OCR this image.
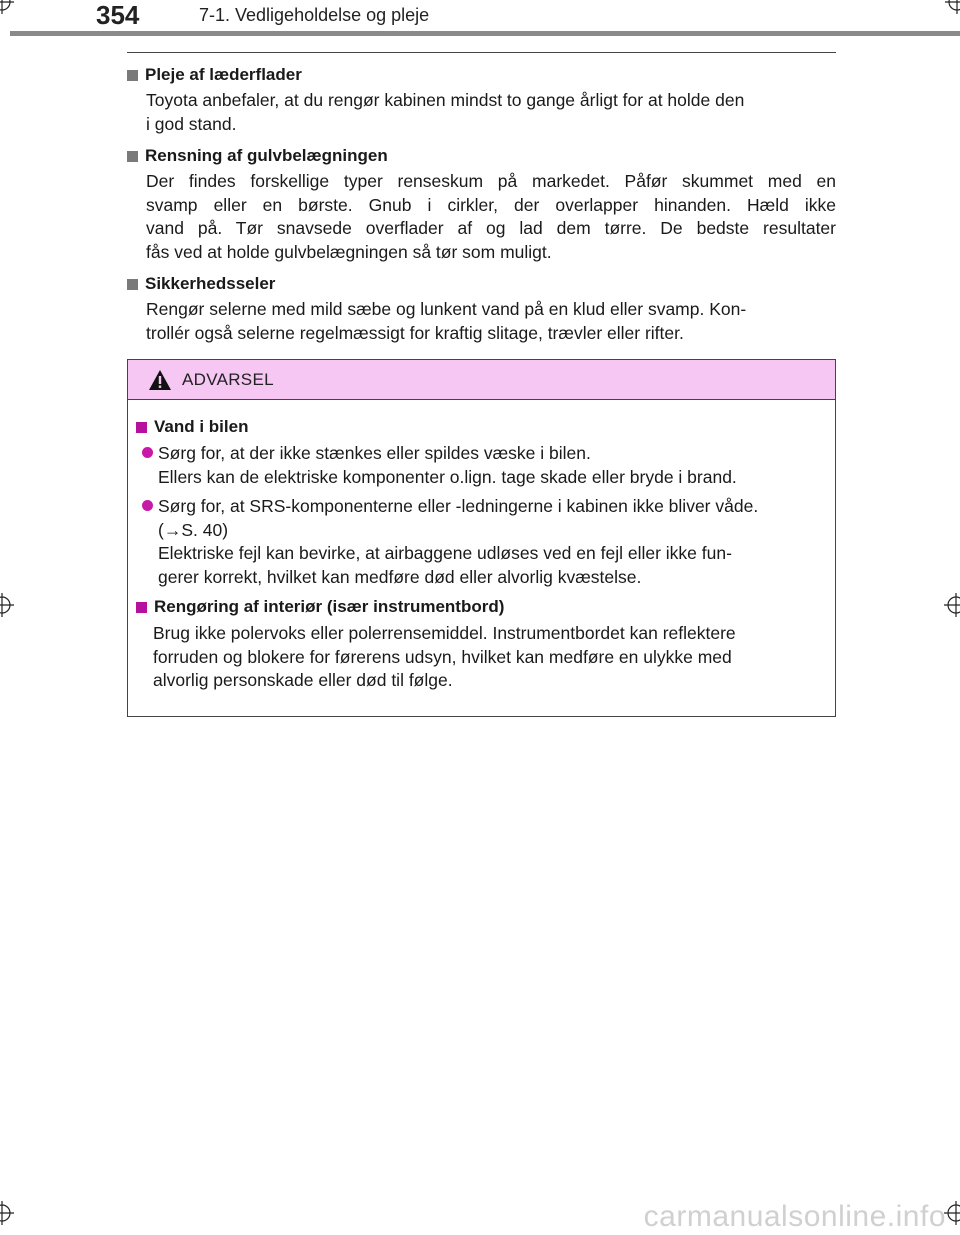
354	7-1. Vedligeholdelse og pleje
Pleje af læderflader
Toyota anbefaler, at du rengør kabinen mindst to gange årligt for at holde den
i god stand.
Rensning af gulvbelægningen
Der findes forskellige typer renseskum på markedet. Påfør skummet med en
svamp eller en børste. Gnub i cirkler, der overlapper hinanden. Hæld ikke
vand på. Tør snavsede overflader af og lad dem tørre. De bedste resultater
fås ved at holde gulvbelægningen så tør som muligt.
Sikkerhedsseler
Rengør selerne med mild sæbe og lunkent vand på en klud eller svamp. Kon-
trollér også selerne regelmæssigt for kraftig slitage, trævler eller rifter.
ADVARSEL
Vand i bilen
Sørg for, at der ikke stænkes eller spildes væske i bilen.
Ellers kan de elektriske komponenter o.lign. tage skade eller bryde i brand.
Sørg for, at SRS-komponenterne eller -ledningerne i kabinen ikke bliver våde.
(→S. 40)
Elektriske fejl kan bevirke, at airbaggene udløses ved en fejl eller ikke fun-
gerer korrekt, hvilket kan medføre død eller alvorlig kvæstelse.
Rengøring af interiør (især instrumentbord)
Brug ikke polervoks eller polerrensemiddel. Instrumentbordet kan reflektere
forruden og blokere for førerens udsyn, hvilket kan medføre en ulykke med
alvorlig personskade eller død til følge.
carmanualsonline.info
